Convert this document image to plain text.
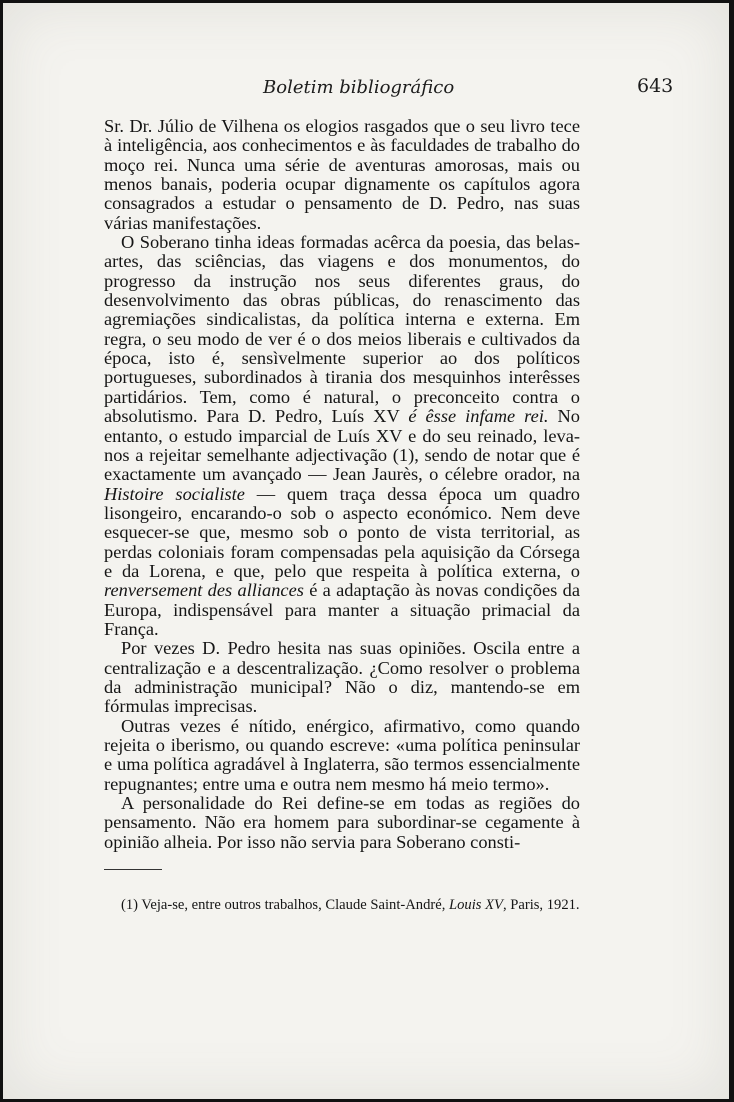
Boletim bibliográfico	643

Sr. Dr. Júlio de Vilhena os elogios rasgados que o seu livro tece à inteligência, aos conhecimentos e às faculdades de trabalho do moço rei. Nunca uma série de aventuras amorosas, mais ou menos banais, poderia ocupar dignamente os capítulos agora consagrados a estudar o pensamento de D. Pedro, nas suas várias manifestações.

O Soberano tinha ideas formadas acêrca da poesia, das belas-artes, das sciências, das viagens e dos monumentos, do progresso da instrução nos seus diferentes graus, do desenvolvimento das obras públicas, do renascimento das agremiações sindicalistas, da política interna e externa. Em regra, o seu modo de ver é o dos meios liberais e cultivados da época, isto é, sensìvelmente superior ao dos políticos portugueses, subordinados à tirania dos mesquinhos interêsses partidários. Tem, como é natural, o preconceito contra o absolutismo. Para D. Pedro, Luís XV é êsse infame rei. No entanto, o estudo imparcial de Luís XV e do seu reinado, leva-nos a rejeitar semelhante adjectivação (1), sendo de notar que é exactamente um avançado — Jean Jaurès, o célebre orador, na Histoire socialiste — quem traça dessa época um quadro lisongeiro, encarando-o sob o aspecto económico. Nem deve esquecer-se que, mesmo sob o ponto de vista territorial, as perdas coloniais foram compensadas pela aquisição da Córsega e da Lorena, e que, pelo que respeita à política externa, o renversement des alliances é a adaptação às novas condições da Europa, indispensável para manter a situação primacial da França.

Por vezes D. Pedro hesita nas suas opiniões. Oscila entre a centralização e a descentralização. ¿Como resolver o problema da administração municipal? Não o diz, mantendo-se em fórmulas imprecisas.

Outras vezes é nítido, enérgico, afirmativo, como quando rejeita o iberismo, ou quando escreve: «uma política peninsular e uma política agradável à Inglaterra, são termos essencialmente repugnantes; entre uma e outra nem mesmo há meio termo».

A personalidade do Rei define-se em todas as regiões do pensamento. Não era homem para subordinar-se cegamente à opinião alheia. Por isso não servia para Soberano consti-

(1) Veja-se, entre outros trabalhos, Claude Saint-André, Louis XV, Paris, 1921.
